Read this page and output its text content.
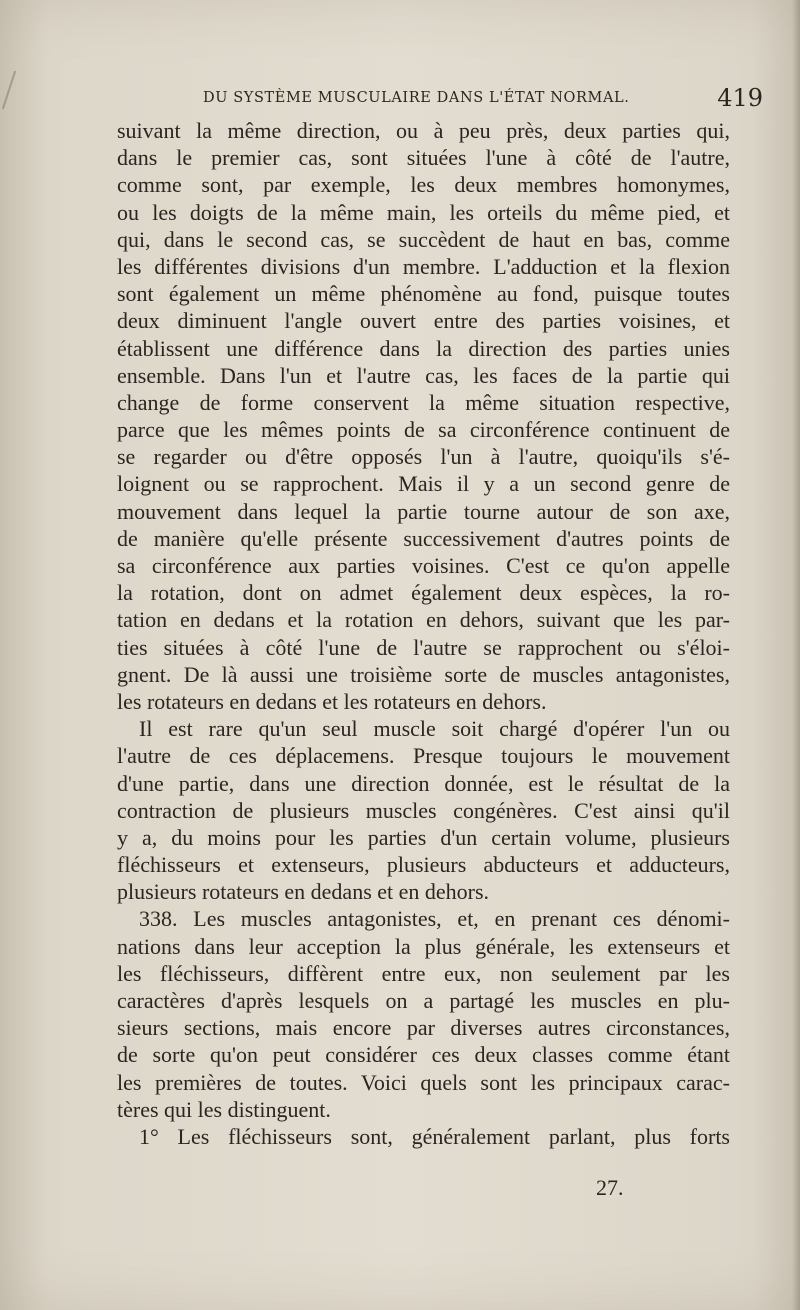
DU SYSTÈME MUSCULAIRE DANS L'ÉTAT NORMAL.	419
suivant la même direction, ou à peu près, deux parties qui,
dans le premier cas, sont situées l'une à côté de l'autre,
comme sont, par exemple, les deux membres homonymes,
ou les doigts de la même main, les orteils du même pied, et
qui, dans le second cas, se succèdent de haut en bas, comme
les différentes divisions d'un membre. L'adduction et la flexion
sont également un même phénomène au fond, puisque toutes
deux diminuent l'angle ouvert entre des parties voisines, et
établissent une différence dans la direction des parties unies
ensemble. Dans l'un et l'autre cas, les faces de la partie qui
change de forme conservent la même situation respective,
parce que les mêmes points de sa circonférence continuent de
se regarder ou d'être opposés l'un à l'autre, quoiqu'ils s'é-
loignent ou se rapprochent. Mais il y a un second genre de
mouvement dans lequel la partie tourne autour de son axe,
de manière qu'elle présente successivement d'autres points de
sa circonférence aux parties voisines. C'est ce qu'on appelle
la rotation, dont on admet également deux espèces, la ro-
tation en dedans et la rotation en dehors, suivant que les par-
ties situées à côté l'une de l'autre se rapprochent ou s'éloi-
gnent. De là aussi une troisième sorte de muscles antagonistes,
les rotateurs en dedans et les rotateurs en dehors.
Il est rare qu'un seul muscle soit chargé d'opérer l'un ou
l'autre de ces déplacemens. Presque toujours le mouvement
d'une partie, dans une direction donnée, est le résultat de la
contraction de plusieurs muscles congénères. C'est ainsi qu'il
y a, du moins pour les parties d'un certain volume, plusieurs
fléchisseurs et extenseurs, plusieurs abducteurs et adducteurs,
plusieurs rotateurs en dedans et en dehors.
338. Les muscles antagonistes, et, en prenant ces dénomi-
nations dans leur acception la plus générale, les extenseurs et
les fléchisseurs, diffèrent entre eux, non seulement par les
caractères d'après lesquels on a partagé les muscles en plu-
sieurs sections, mais encore par diverses autres circonstances,
de sorte qu'on peut considérer ces deux classes comme étant
les premières de toutes. Voici quels sont les principaux carac-
tères qui les distinguent.
1° Les fléchisseurs sont, généralement parlant, plus forts
27.
